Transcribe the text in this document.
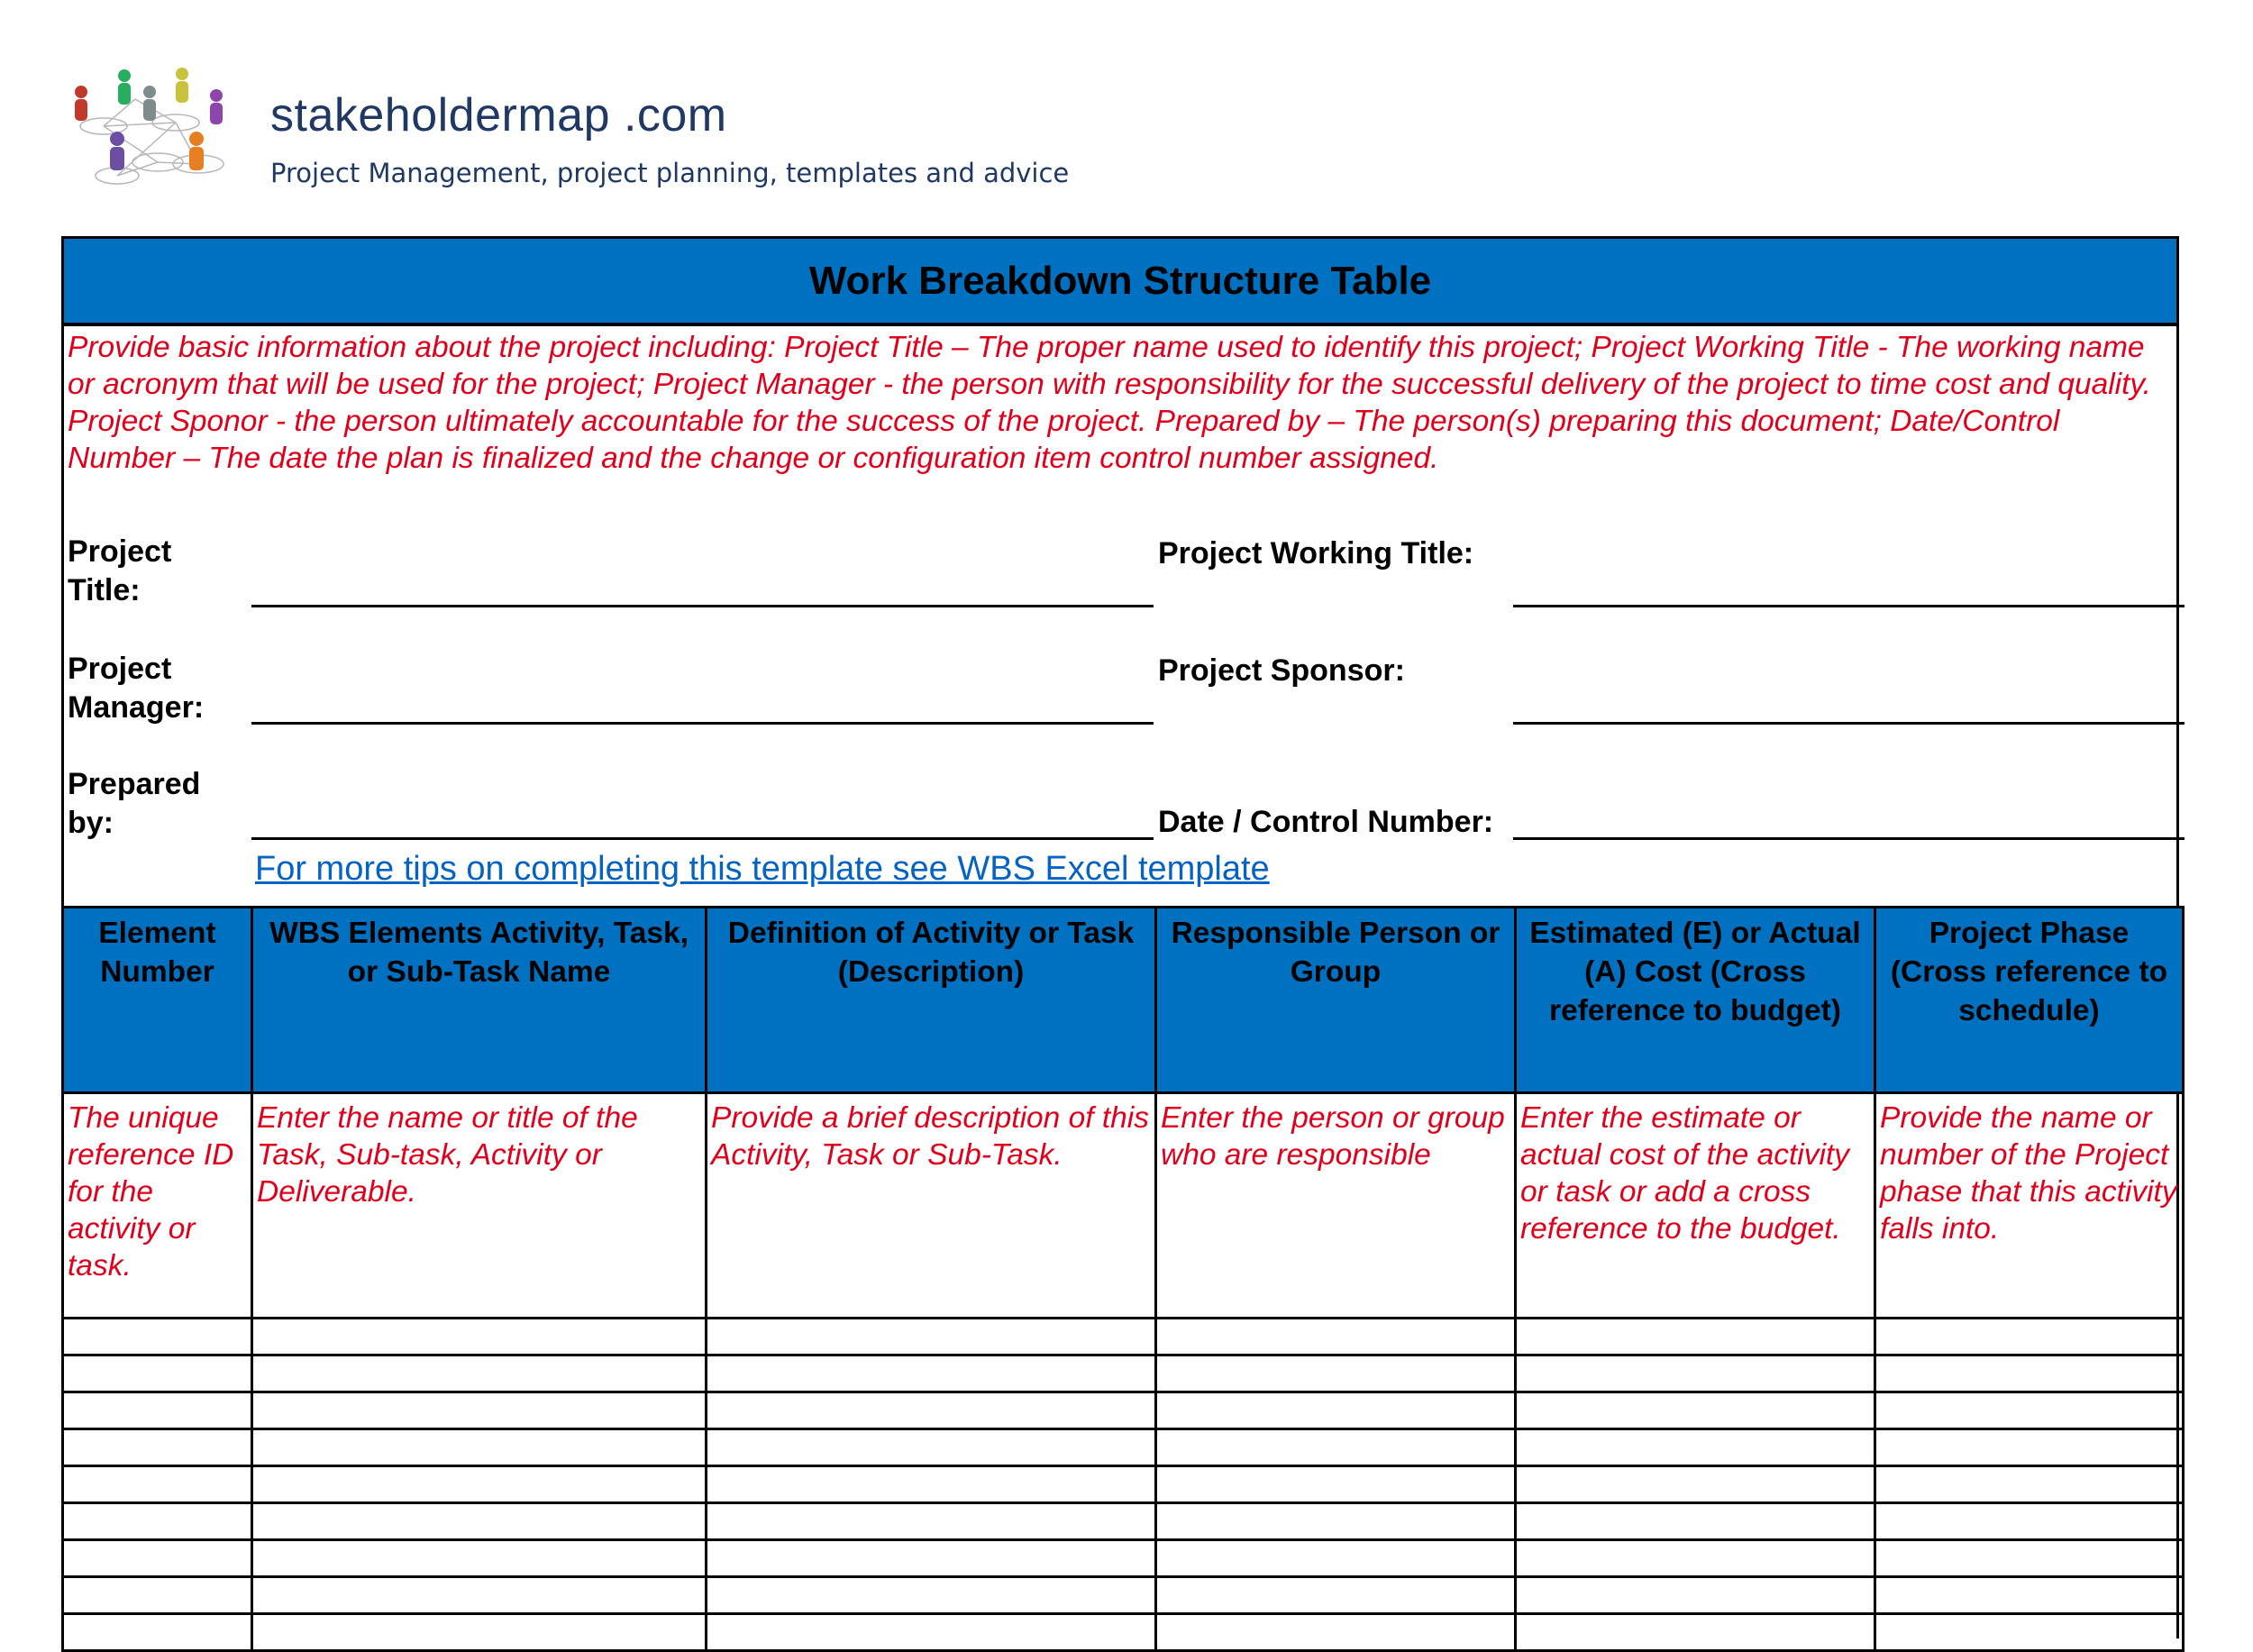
stakeholdermap .com
Project Management, project planning, templates and advice
Work Breakdown Structure Table
Provide basic information about the project including: Project Title – The proper name used to identify this project; Project Working Title - The working name or acronym that will be used for the project; Project Manager - the person with responsibility for the successful delivery of the project to time cost and quality. Project Sponor - the person ultimately accountable for the success of the project. Prepared by – The person(s) preparing this document; Date/Control Number – The date the plan is finalized and the change or configuration item control number assigned.
Project Title:
Project Working Title:
Project Manager:
Project Sponsor:
Prepared by:	Date / Control Number:
For more tips on completing this template see WBS Excel template
Element Number	WBS Elements Activity, Task, or Sub-Task Name	Definition of Activity or Task (Description)	Responsible Person or Group	Estimated (E) or Actual (A) Cost (Cross reference to budget)	Project Phase (Cross reference to schedule)

The unique reference ID for the activity or task.	Enter the name or title of the Task, Sub-task, Activity or Deliverable.	Provide a brief description of this Activity, Task or Sub-Task.	Enter the person or group who are responsible	Enter the estimate or actual cost of the activity or task or add a cross reference to the budget.	Provide the name or number of the Project phase that this activity falls into.
